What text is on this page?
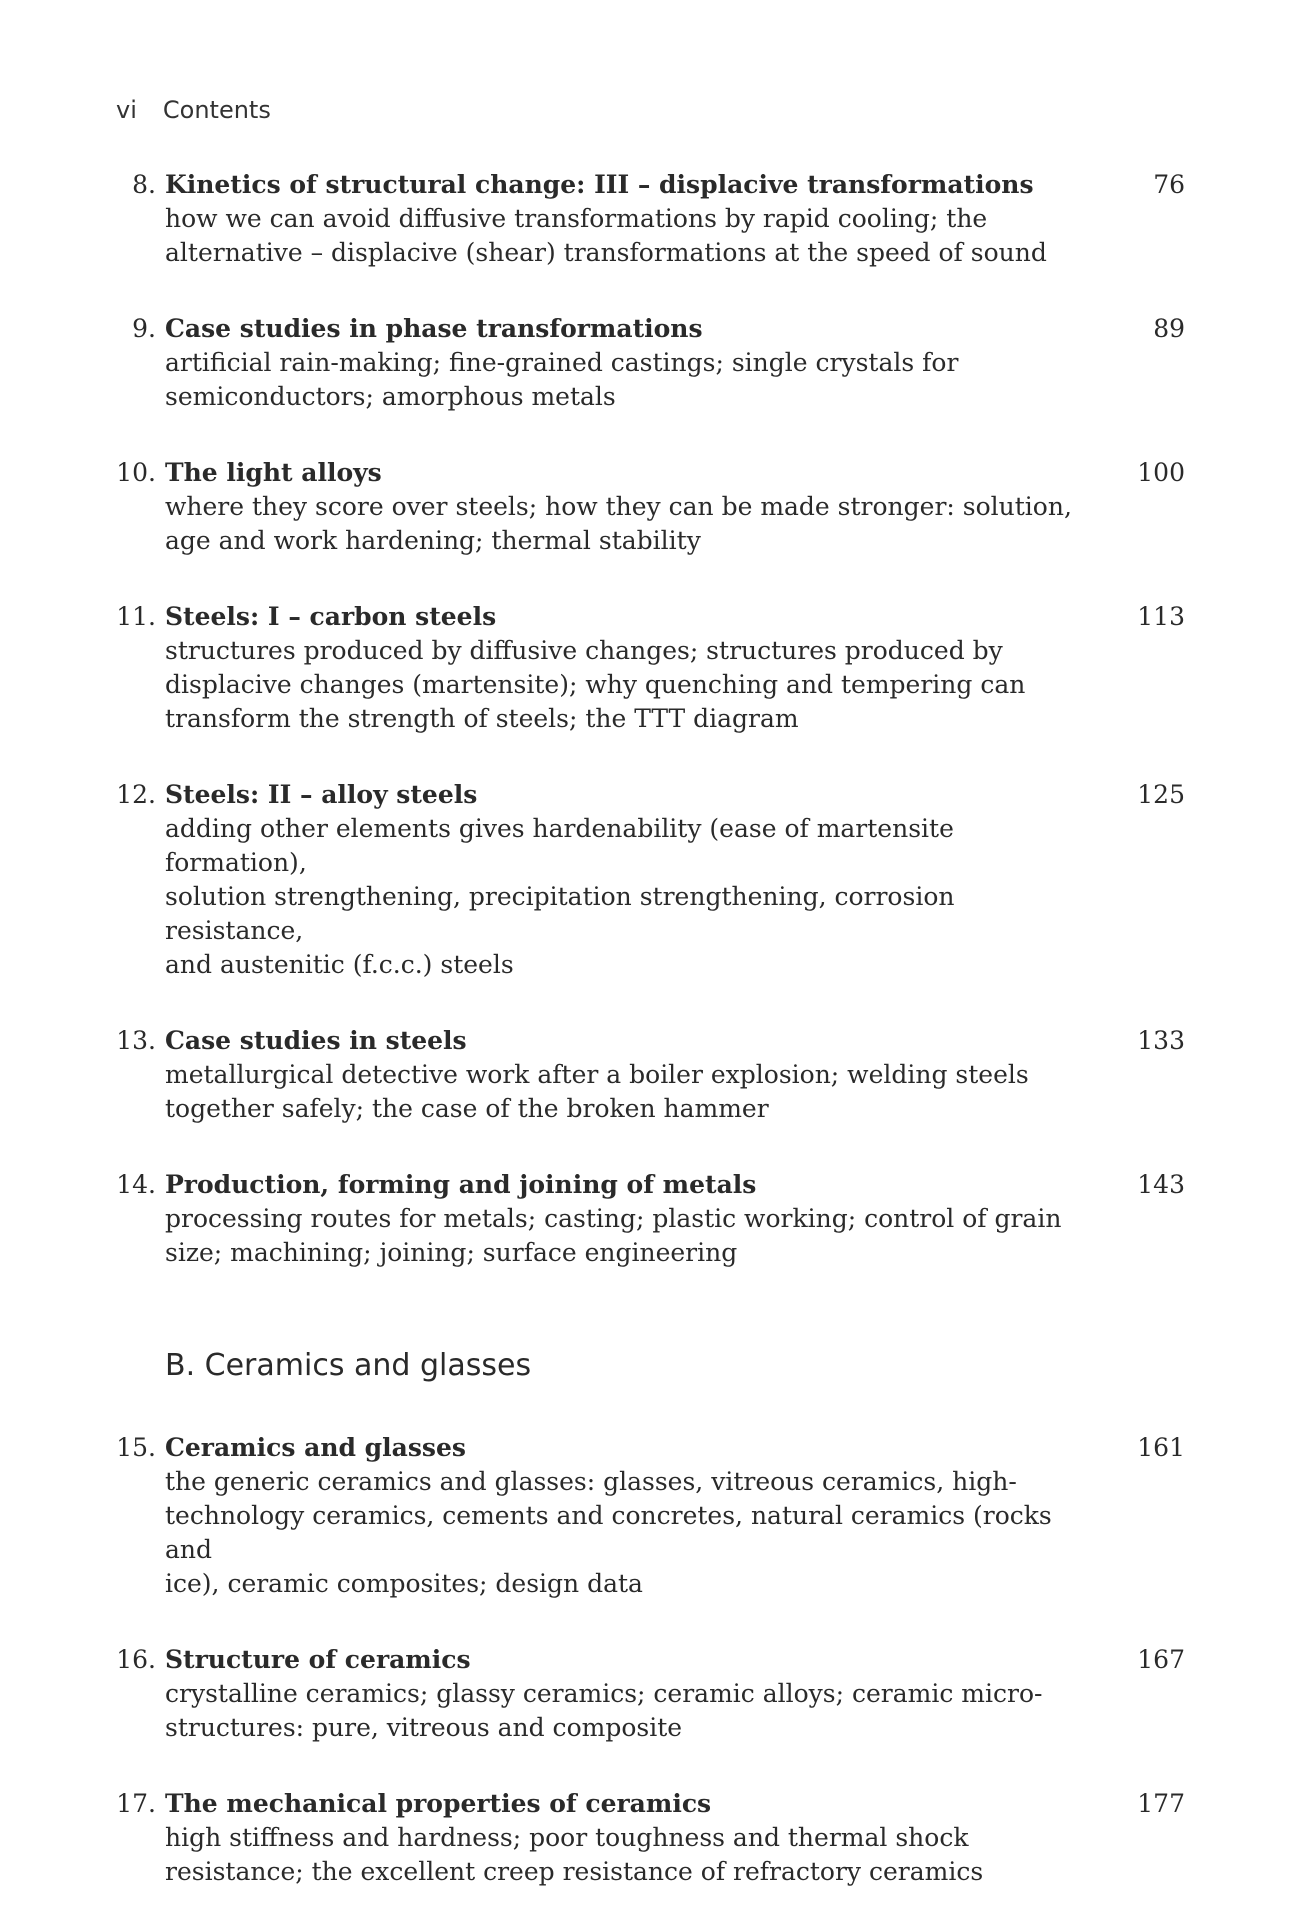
vi Contents
8. Kinetics of structural change: III – displacive transformations	76
how we can avoid diffusive transformations by rapid cooling; the
alternative – displacive (shear) transformations at the speed of sound
9. Case studies in phase transformations	89
artificial rain-making; fine-grained castings; single crystals for
semiconductors; amorphous metals
10. The light alloys	100
where they score over steels; how they can be made stronger: solution,
age and work hardening; thermal stability
11. Steels: I – carbon steels	113
structures produced by diffusive changes; structures produced by
displacive changes (martensite); why quenching and tempering can
transform the strength of steels; the TTT diagram
12. Steels: II – alloy steels	125
adding other elements gives hardenability (ease of martensite formation),
solution strengthening, precipitation strengthening, corrosion resistance,
and austenitic (f.c.c.) steels
13. Case studies in steels	133
metallurgical detective work after a boiler explosion; welding steels
together safely; the case of the broken hammer
14. Production, forming and joining of metals	143
processing routes for metals; casting; plastic working; control of grain
size; machining; joining; surface engineering
B. Ceramics and glasses
15. Ceramics and glasses	161
the generic ceramics and glasses: glasses, vitreous ceramics, high-
technology ceramics, cements and concretes, natural ceramics (rocks and
ice), ceramic composites; design data
16. Structure of ceramics	167
crystalline ceramics; glassy ceramics; ceramic alloys; ceramic micro-
structures: pure, vitreous and composite
17. The mechanical properties of ceramics	177
high stiffness and hardness; poor toughness and thermal shock
resistance; the excellent creep resistance of refractory ceramics
